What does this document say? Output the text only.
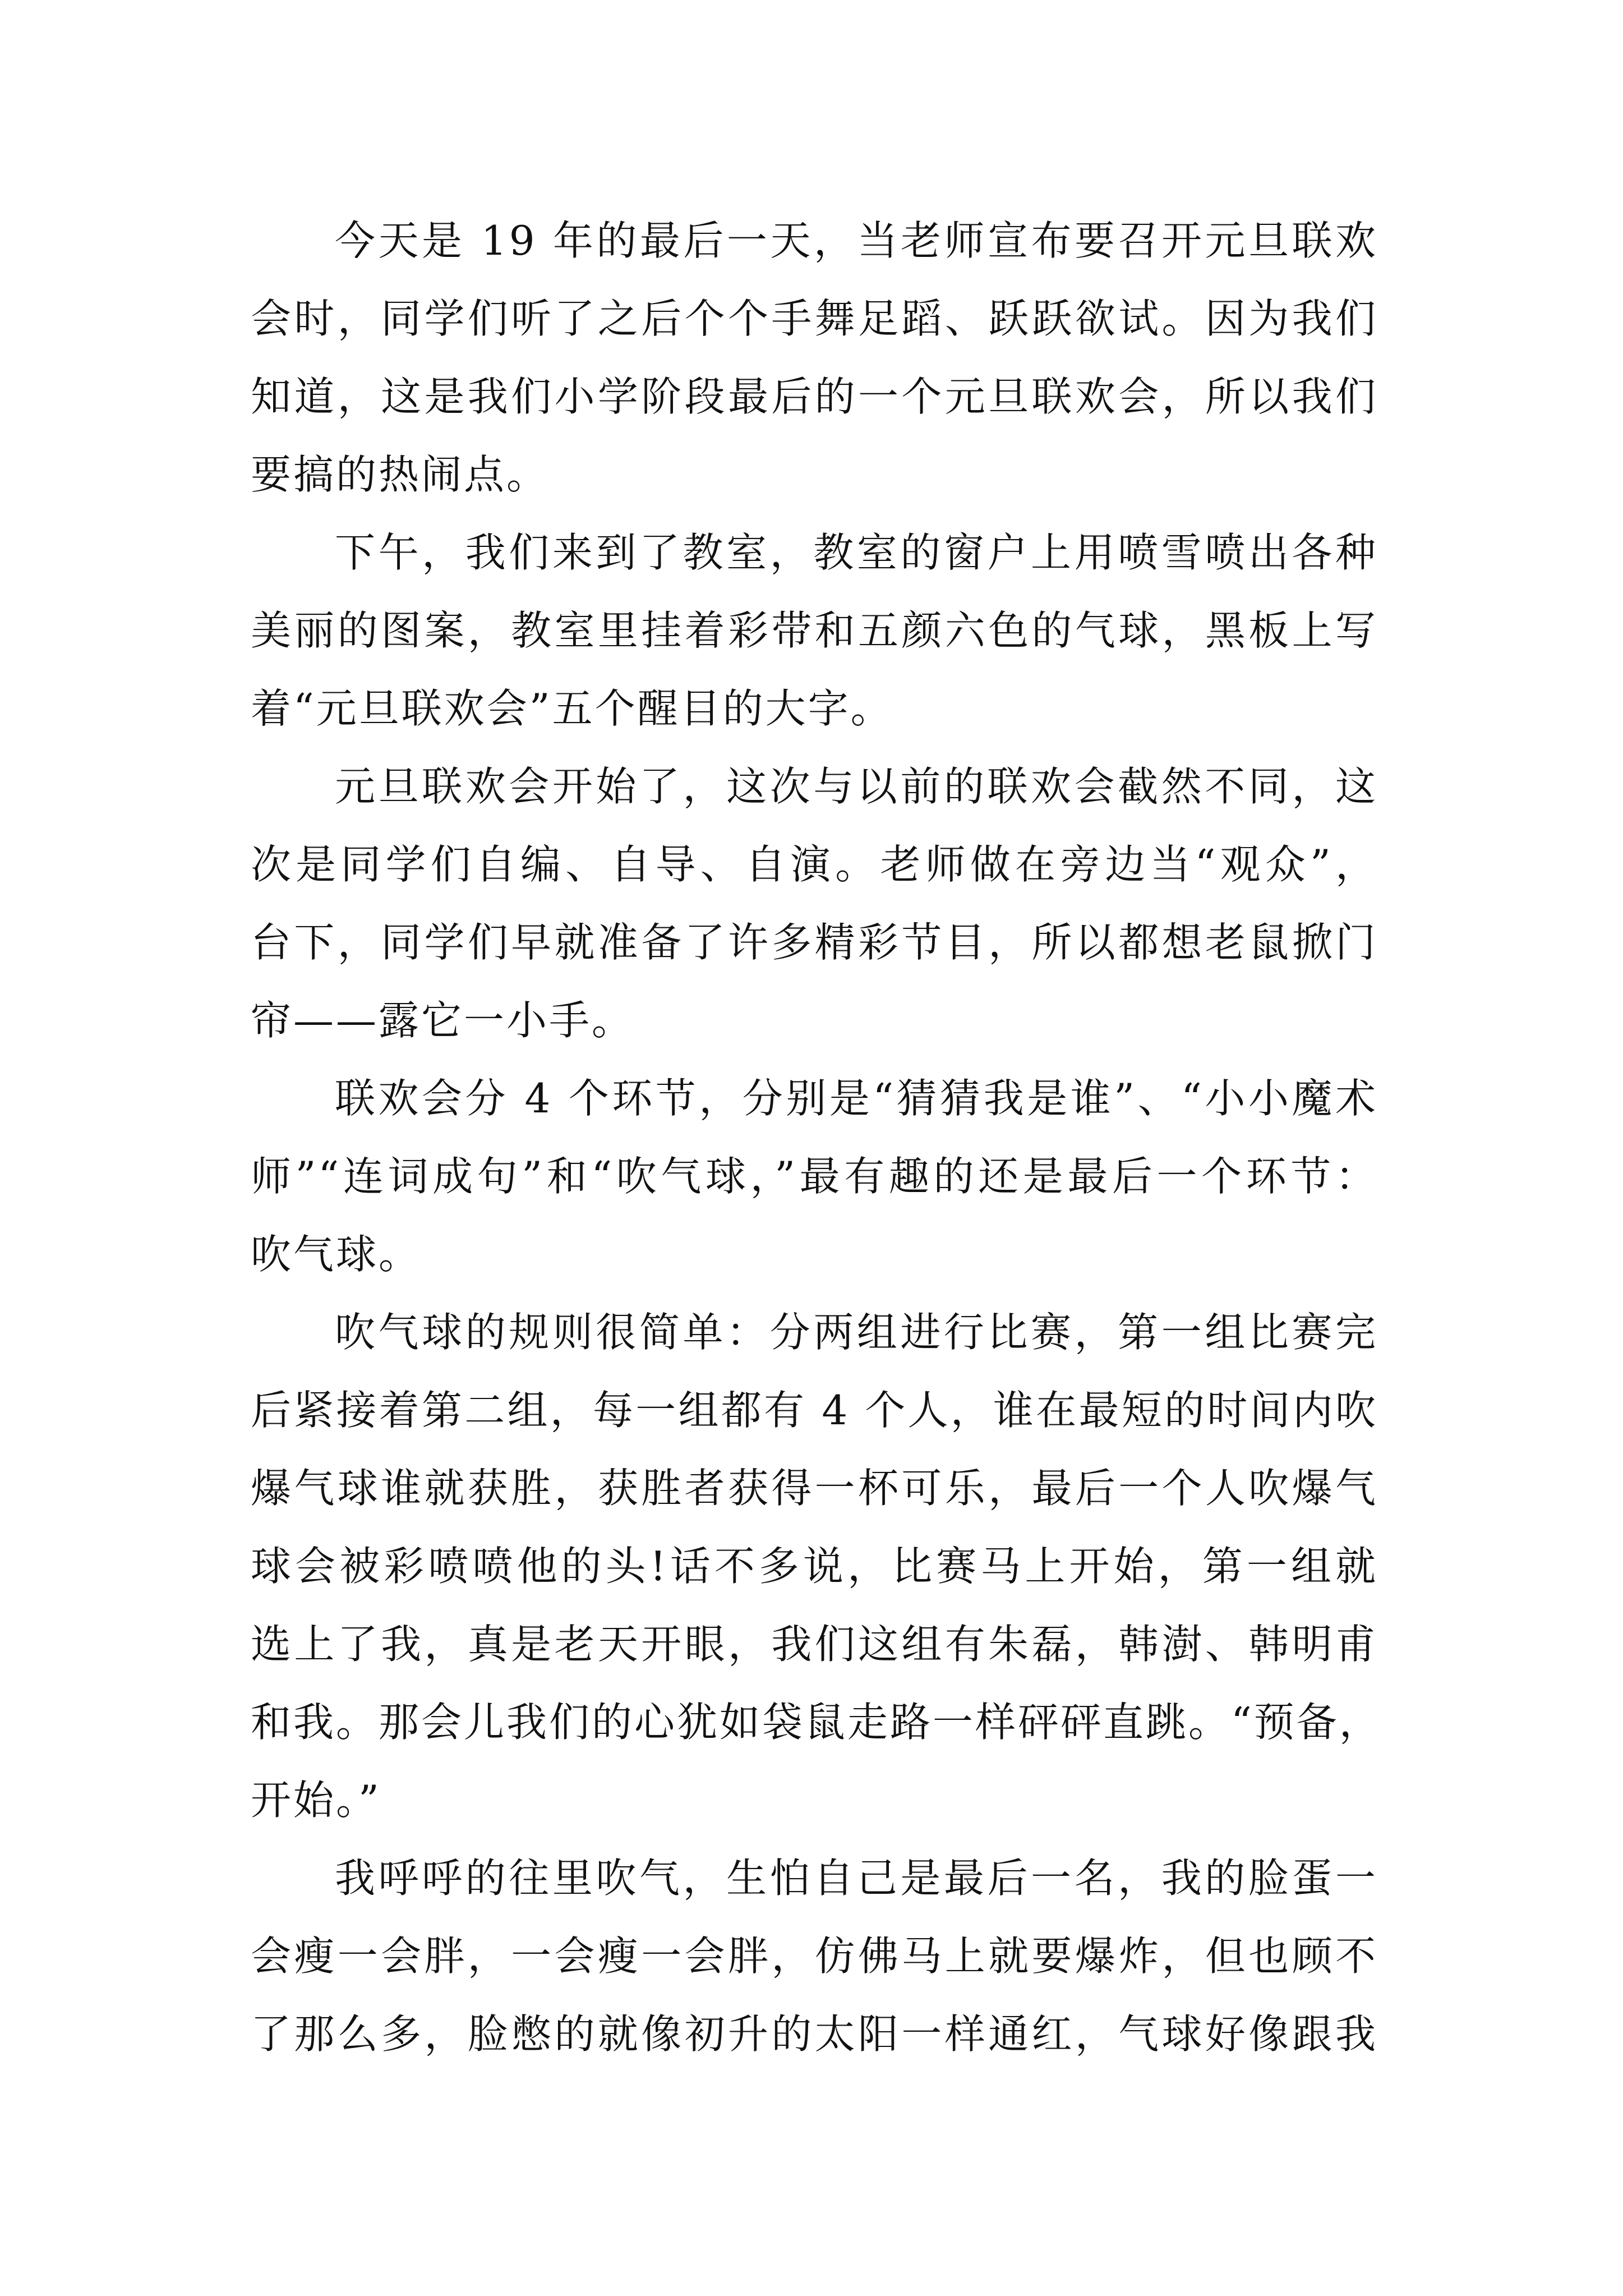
今天是 19 年的最后一天，当老师宣布要召开元旦联欢
会时，同学们听了之后个个手舞足蹈、跃跃欲试。因为我们
知道，这是我们小学阶段最后的一个元旦联欢会，所以我们
要搞的热闹点。

下午，我们来到了教室，教室的窗户上用喷雪喷出各种
美丽的图案，教室里挂着彩带和五颜六色的气球，黑板上写
着“元旦联欢会”五个醒目的大字。

元旦联欢会开始了，这次与以前的联欢会截然不同，这
次是同学们自编、自导、自演。老师做在旁边当“观众”，
台下，同学们早就准备了许多精彩节目，所以都想老鼠掀门
帘——露它一小手。

联欢会分 4 个环节，分别是“猜猜我是谁”、“小小魔术
师”“连词成句”和“吹气球，”最有趣的还是最后一个环节：
吹气球。

吹气球的规则很简单：分两组进行比赛，第一组比赛完
后紧接着第二组，每一组都有 4 个人，谁在最短的时间内吹
爆气球谁就获胜，获胜者获得一杯可乐，最后一个人吹爆气
球会被彩喷喷他的头!话不多说，比赛马上开始，第一组就
选上了我，真是老天开眼，我们这组有朱磊，韩澍、韩明甫
和我。那会儿我们的心犹如袋鼠走路一样砰砰直跳。“预备，
开始。”

我呼呼的往里吹气，生怕自己是最后一名，我的脸蛋一
会瘦一会胖，一会瘦一会胖，仿佛马上就要爆炸，但也顾不
了那么多，脸憋的就像初升的太阳一样通红，气球好像跟我
